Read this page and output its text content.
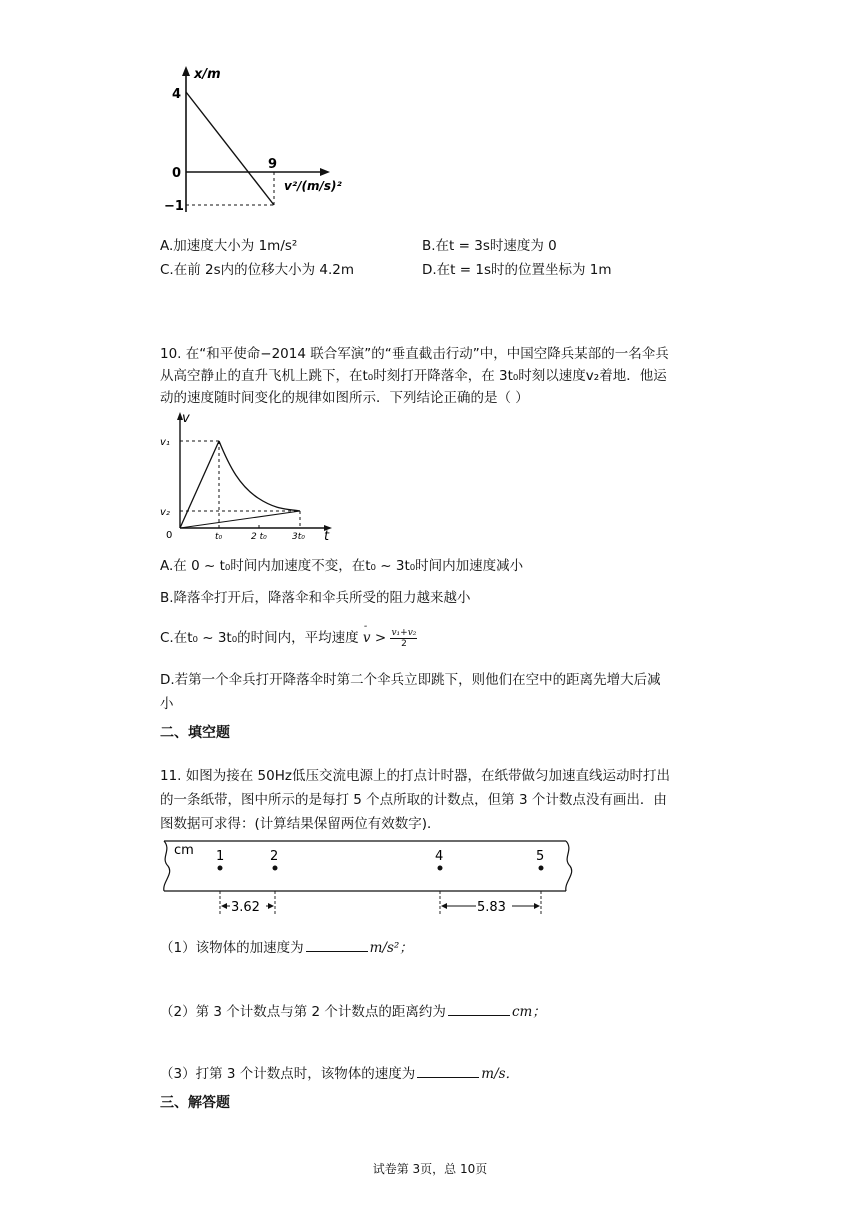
x/m
4
0
−1
9
v²/(m/s)²
A.加速度大小为 1m/s²	B.在t = 3s时速度为 0
C.在前 2s内的位移大小为 4.2m	D.在t = 1s时的位置坐标为 1m
10. 在“和平使命−2014 联合军演”的“垂直截击行动”中，中国空降兵某部的一名伞兵
从高空静止的直升飞机上跳下，在t₀时刻打开降落伞，在 3t₀时刻以速度v₂着地．他运
动的速度随时间变化的规律如图所示．下列结论正确的是（ ）
v
t
v₁
v₂
0	t₀	2 t₀	3t₀
A.在 0 ~ t₀时间内加速度不变，在t₀ ~ 3t₀时间内加速度减小
B.降落伞打开后，降落伞和伞兵所受的阻力越来越小
C.在t₀ ~ 3t₀的时间内，平均速度
-
$v > \frac{\text{v₁+v₂}}{2}$
D.若第一个伞兵打开降落伞时第二个伞兵立即跳下，则他们在空中的距离先增大后减
小
二、填空题
11. 如图为接在 50Hz低压交流电源上的打点计时器，在纸带做匀加速直线运动时打出
的一条纸带，图中所示的是每打 5 个点所取的计数点，但第 3 个计数点没有画出．由
图数据可求得：(计算结果保留两位有效数字)．
cm 1	2	4	5
3.62	5.83
（1）该物体的加速度为	m/s²；
（2）第 3 个计数点与第 2 个计数点的距离约为	cm；
（3）打第 3 个计数点时，该物体的速度为	m/s．
三、解答题
试卷第 3页，总 10页
